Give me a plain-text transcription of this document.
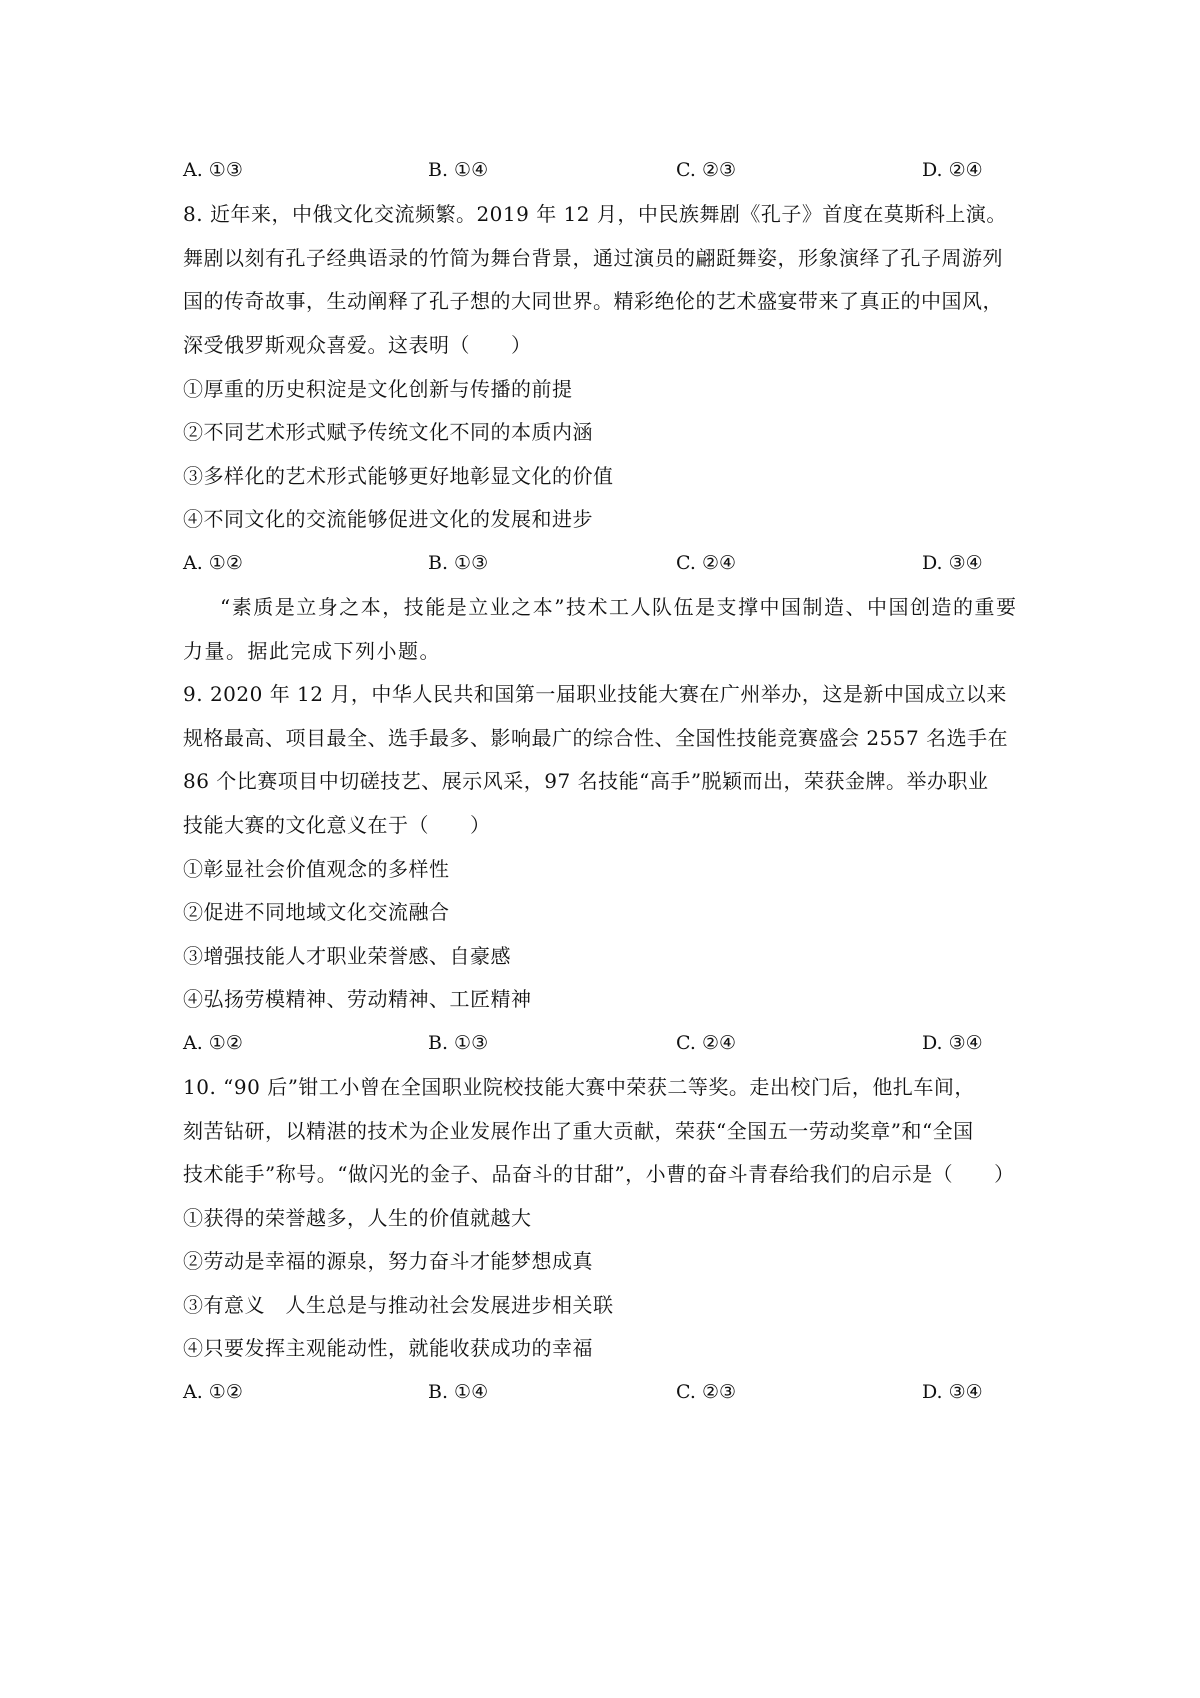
A. ①③	B. ①④	C. ②③	D. ②④
8. 近年来，中俄文化交流频繁。2019 年 12 月，中民族舞剧《孔子》首度在莫斯科上演。
舞剧以刻有孔子经典语录的竹简为舞台背景，通过演员的翩跹舞姿，形象演绎了孔子周游列
国的传奇故事，生动阐释了孔子想的大同世界。精彩绝伦的艺术盛宴带来了真正的中国风，
深受俄罗斯观众喜爱。这表明（　　）
①厚重的历史积淀是文化创新与传播的前提
②不同艺术形式赋予传统文化不同的本质内涵
③多样化的艺术形式能够更好地彰显文化的价值
④不同文化的交流能够促进文化的发展和进步
A. ①②	B. ①③	C. ②④	D. ③④
“素质是立身之本，技能是立业之本”技术工人队伍是支撑中国制造、中国创造的重要
力量。据此完成下列小题。
9. 2020 年 12 月，中华人民共和国第一届职业技能大赛在广州举办，这是新中国成立以来
规格最高、项目最全、选手最多、影响最广的综合性、全国性技能竞赛盛会 2557 名选手在
86 个比赛项目中切磋技艺、展示风采，97 名技能“高手”脱颖而出，荣获金牌。举办职业
技能大赛的文化意义在于（　　）
①彰显社会价值观念的多样性
②促进不同地域文化交流融合
③增强技能人才职业荣誉感、自豪感
④弘扬劳模精神、劳动精神、工匠精神
A. ①②	B. ①③	C. ②④	D. ③④
10. “90 后”钳工小曾在全国职业院校技能大赛中荣获二等奖。走出校门后，他扎车间，
刻苦钻研，以精湛的技术为企业发展作出了重大贡献，荣获“全国五一劳动奖章”和“全国
技术能手”称号。“做闪光的金子、品奋斗的甘甜”，小曹的奋斗青春给我们的启示是（　　）
①获得的荣誉越多，人生的价值就越大
②劳动是幸福的源泉，努力奋斗才能梦想成真
③有意义　人生总是与推动社会发展进步相关联
④只要发挥主观能动性，就能收获成功的幸福
A. ①②	B. ①④	C. ②③	D. ③④
